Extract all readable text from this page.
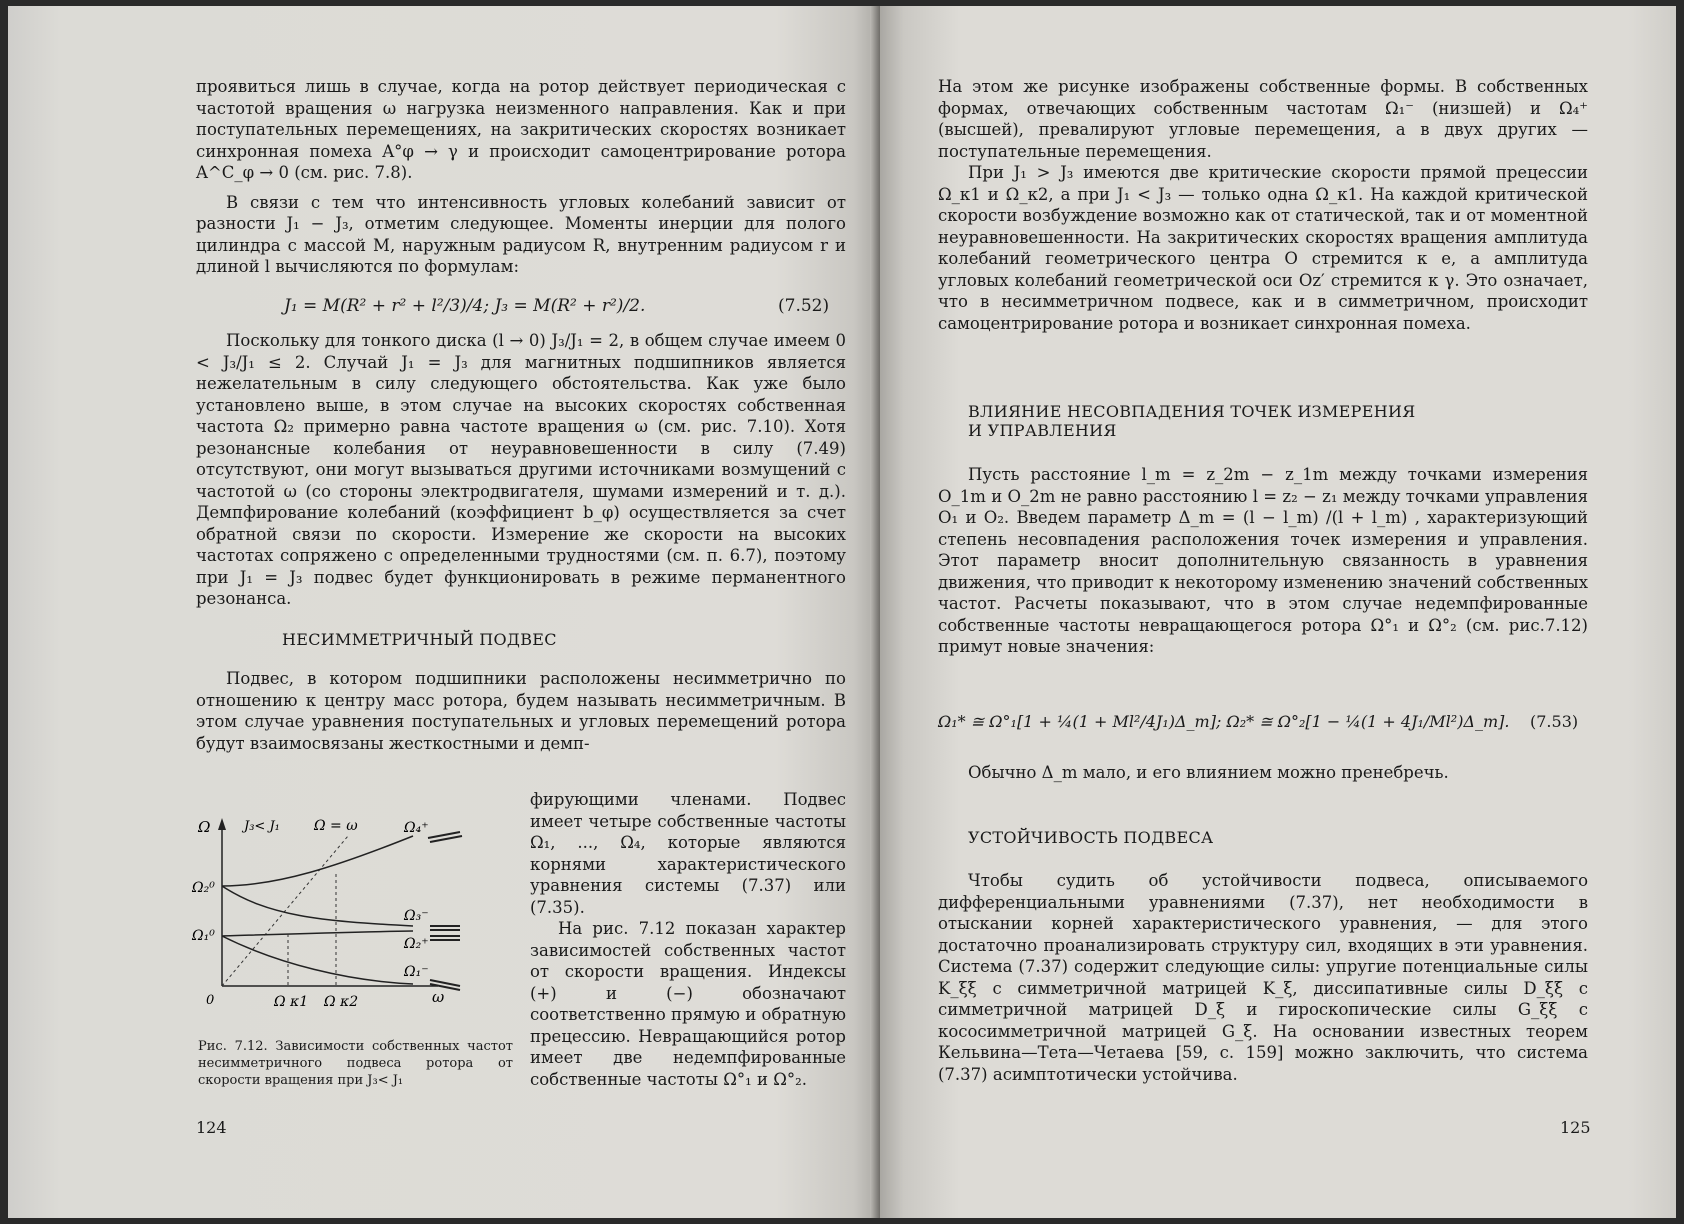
проявиться лишь в случае, когда на ротор действует периодическая с частотой вращения ω нагрузка неизменного направления. Как и при поступательных перемещениях, на закритических скоростях возникает синхронная помеха A°φ → γ и происходит самоцентрирование ротора A^C_φ → 0 (см. рис. 7.8).

В связи с тем что интенсивность угловых колебаний зависит от разности J₁ − J₃, отметим следующее. Моменты инерции для полого цилиндра с массой M, наружным радиусом R, внутренним радиусом r и длиной l вычисляются по формулам:

J₁ = M(R² + r² + l²/3)/4; J₃ = M(R² + r²)/2.	(7.52)

Поскольку для тонкого диска (l → 0) J₃/J₁ = 2, в общем случае имеем 0 < J₃/J₁ ≤ 2. Случай J₁ = J₃ для магнитных подшипников является нежелательным в силу следующего обстоятельства. Как уже было установлено выше, в этом случае на высоких скоростях собственная частота Ω₂ примерно равна частоте вращения ω (см. рис. 7.10). Хотя резонансные колебания от неуравновешенности в силу (7.49) отсутствуют, они могут вызываться другими источниками возмущений с частотой ω (со стороны электродвигателя, шумами измерений и т. д.). Демпфирование колебаний (коэффициент b_φ) осуществляется за счет обратной связи по скорости. Измерение же скорости на высоких частотах сопряжено с определенными трудностями (см. п. 6.7), поэтому при J₁ = J₃ подвес будет функционировать в режиме перманентного резонанса.

НЕСИММЕТРИЧНЫЙ ПОДВЕС

Подвес, в котором подшипники расположены несимметрично по отношению к центру масс ротора, будем называть несимметричным. В этом случае уравнения поступательных и угловых перемещений ротора будут взаимосвязаны жесткостными и демп-

фирующими членами. Подвес имеет четыре собственные частоты Ω₁, ..., Ω₄, которые являются корнями характеристического уравнения системы (7.37) или (7.35).

На рис. 7.12 показан характер зависимостей собственных частот от скорости вращения. Индексы (+) и (−) обозначают соответственно прямую и обратную прецессию. Невращающийся ротор имеет две недемпфированные собственные частоты Ω°₁ и Ω°₂.

Ω	J₃< J₁ Ω = ω	Ω₄⁺
Ω₃⁻
Ω₂⁺
Ω₁⁻
Ω₂⁰
Ω₁⁰
0	Ω κ1 Ω κ2	ω
Рис. 7.12. Зависимости собственных частот несимметричного подвеса ротора от скорости вращения при J₃< J₁
124

На этом же рисунке изображены собственные формы. В собственных формах, отвечающих собственным частотам Ω₁⁻ (низшей) и Ω₄⁺ (высшей), превалируют угловые перемещения, а в двух других — поступательные перемещения.

При J₁ > J₃ имеются две критические скорости прямой прецессии Ω_к1 и Ω_к2, а при J₁ < J₃ — только одна Ω_к1. На каждой критической скорости возбуждение возможно как от статической, так и от моментной неуравновешенности. На закритических скоростях вращения амплитуда колебаний геометрического центра O стремится к e, а амплитуда угловых колебаний геометрической оси Oz′ стремится к γ. Это означает, что в несимметричном подвесе, как и в симметричном, происходит самоцентрирование ротора и возникает синхронная помеха.

ВЛИЯНИЕ НЕСОВПАДЕНИЯ ТОЧЕК ИЗМЕРЕНИЯ
И УПРАВЛЕНИЯ

Пусть расстояние l_m = z_2m − z_1m между точками измерения O_1m и O_2m не равно расстоянию l = z₂ − z₁ между точками управления O₁ и O₂. Введем параметр Δ_m = (l − l_m) /(l + l_m) , характеризующий степень несовпадения расположения точек измерения и управления. Этот параметр вносит дополнительную связанность в уравнения движения, что приводит к некоторому изменению значений собственных частот. Расчеты показывают, что в этом случае недемпфированные собственные частоты невращающегося ротора Ω°₁ и Ω°₂ (см. рис.7.12) примут новые значения:

Ω₁* ≅ Ω°₁[1 + ¼(1 + Ml²/4J₁)Δ_m]; Ω₂* ≅ Ω°₂[1 − ¼(1 + 4J₁/Ml²)Δ_m]. (7.53)

Обычно Δ_m мало, и его влиянием можно пренебречь.

УСТОЙЧИВОСТЬ ПОДВЕСА

Чтобы судить об устойчивости подвеса, описываемого дифференциальными уравнениями (7.37), нет необходимости в отыскании корней характеристического уравнения, — для этого достаточно проанализировать структуру сил, входящих в эти уравнения. Система (7.37) содержит следующие силы: упругие потенциальные силы K_ξξ с симметричной матрицей K_ξ, диссипативные силы D_ξξ̇ с симметричной матрицей D_ξ и гироскопические силы G_ξξ̇ с кососимметричной матрицей G_ξ. На основании известных теорем Кельвина—Тета—Четаева [59, с. 159] можно заключить, что система (7.37) асимптотически устойчива.

125
